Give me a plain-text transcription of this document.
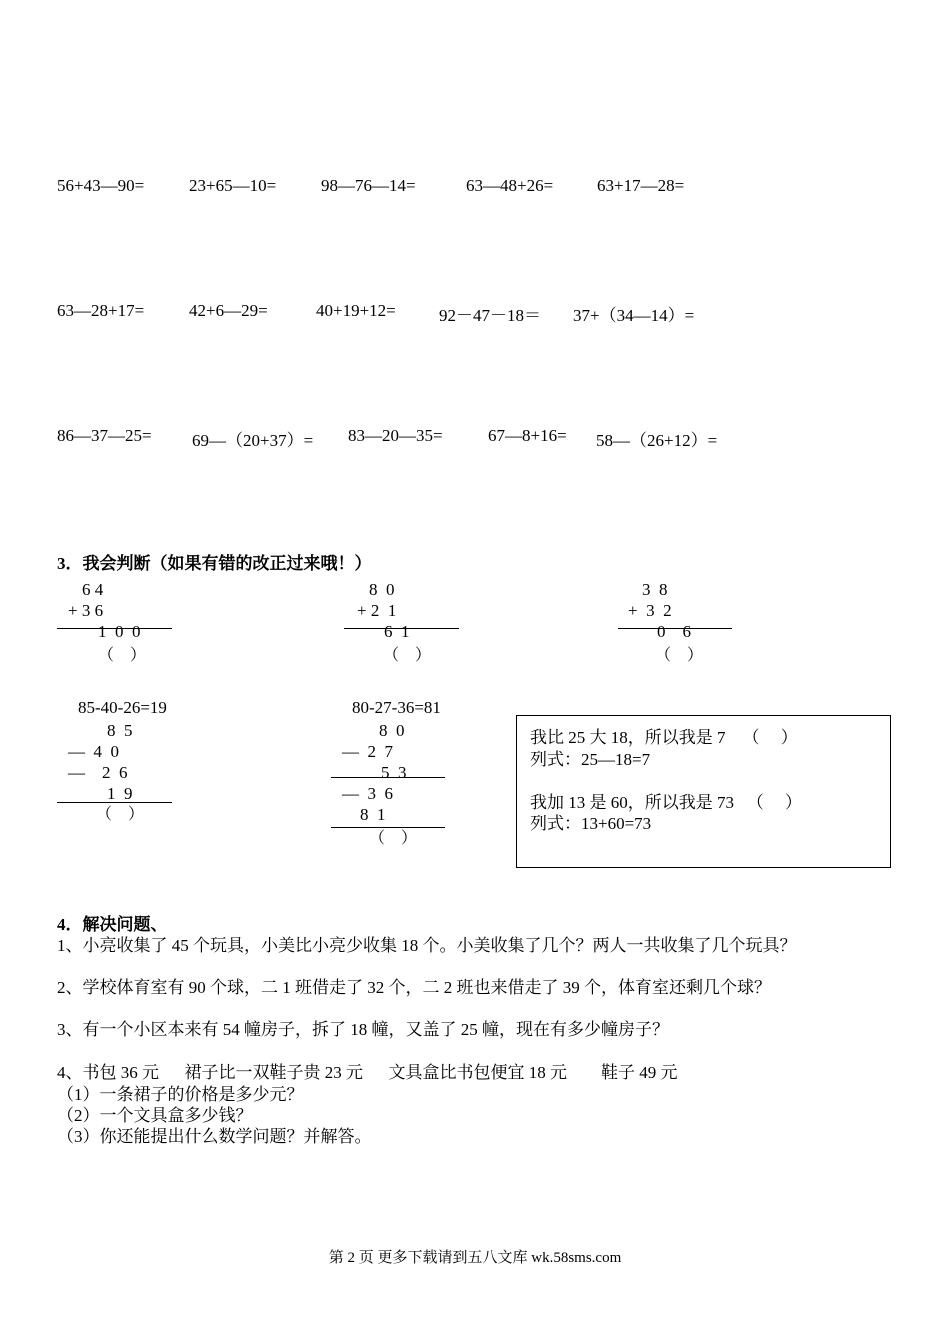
56+43—90=	23+65—10=	98—76—14=	63—48+26=	63+17—28=
63—28+17=	42+6—29=	40+19+12=	92－47－18＝ 37+（34—14）=
86—37—25= 69—（20+37）= 83—20—35=	67—8+16= 58—（26+12）=
3．我会判断（如果有错的改正过来哦！）
6 4
+ 3 6
1  0  0
（    ）
8  0
+ 2  1
6  1
（    ）
3  8
+  3  2
0    6
（    ）
85-40-26=19
8  5
—  4  0
—    2  6
1  9
（    ）
80-27-36=81
8  0
—  2  7
5  3
—  3  6
8  1
（    ）
我比 25 大 18，所以我是 7    （     ）
列式：25—18=7
我加 13 是 60，所以我是 73   （     ）
列式：13+60=73
4．解决问题、
1、小亮收集了 45 个玩具，小美比小亮少收集 18 个。小美收集了几个？两人一共收集了几个玩具？
2、学校体育室有 90 个球，二 1 班借走了 32 个，二 2 班也来借走了 39 个，体育室还剩几个球？
3、有一个小区本来有 54 幢房子，拆了 18 幢，又盖了 25 幢，现在有多少幢房子？
4、书包 36 元      裙子比一双鞋子贵 23 元      文具盒比书包便宜 18 元        鞋子 49 元
（1）一条裙子的价格是多少元？
（2）一个文具盒多少钱？
（3）你还能提出什么数学问题？并解答。
第 2 页 更多下载请到五八文库 wk.58sms.com
